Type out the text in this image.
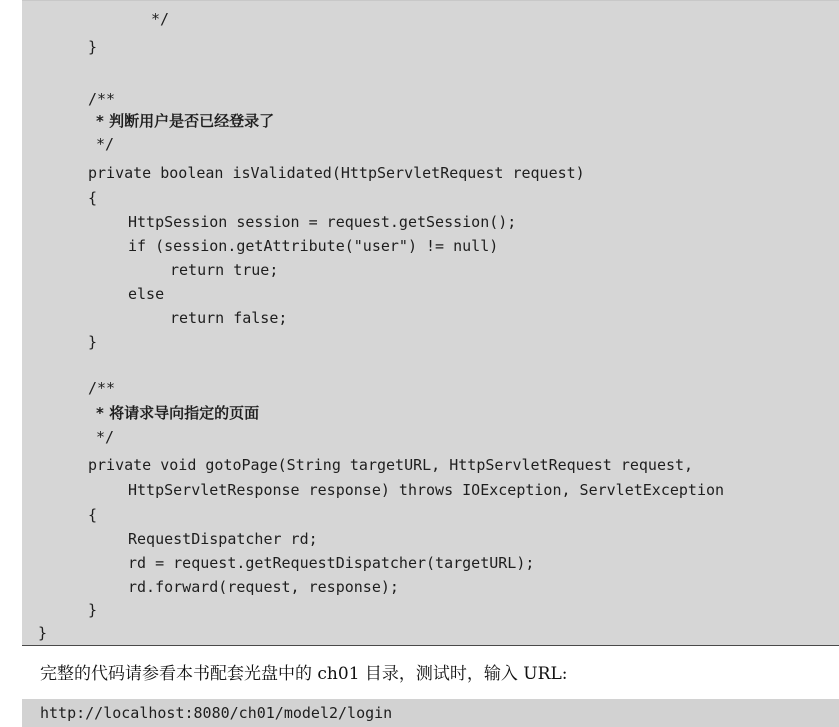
*/
}
/**
* 判断用户是否已经登录了
*/
private boolean isValidated(HttpServletRequest request)
{
HttpSession session = request.getSession();
if (session.getAttribute("user") != null)
return true;
else
return false;
}
/**
* 将请求导向指定的页面
*/
private void gotoPage(String targetURL, HttpServletRequest request,
HttpServletResponse response) throws IOException, ServletException
{
RequestDispatcher rd;
rd = request.getRequestDispatcher(targetURL);
rd.forward(request, response);
}
}
完整的代码请参看本书配套光盘中的 ch01 目录，测试时，输入 URL:
http://localhost:8080/ch01/model2/login
